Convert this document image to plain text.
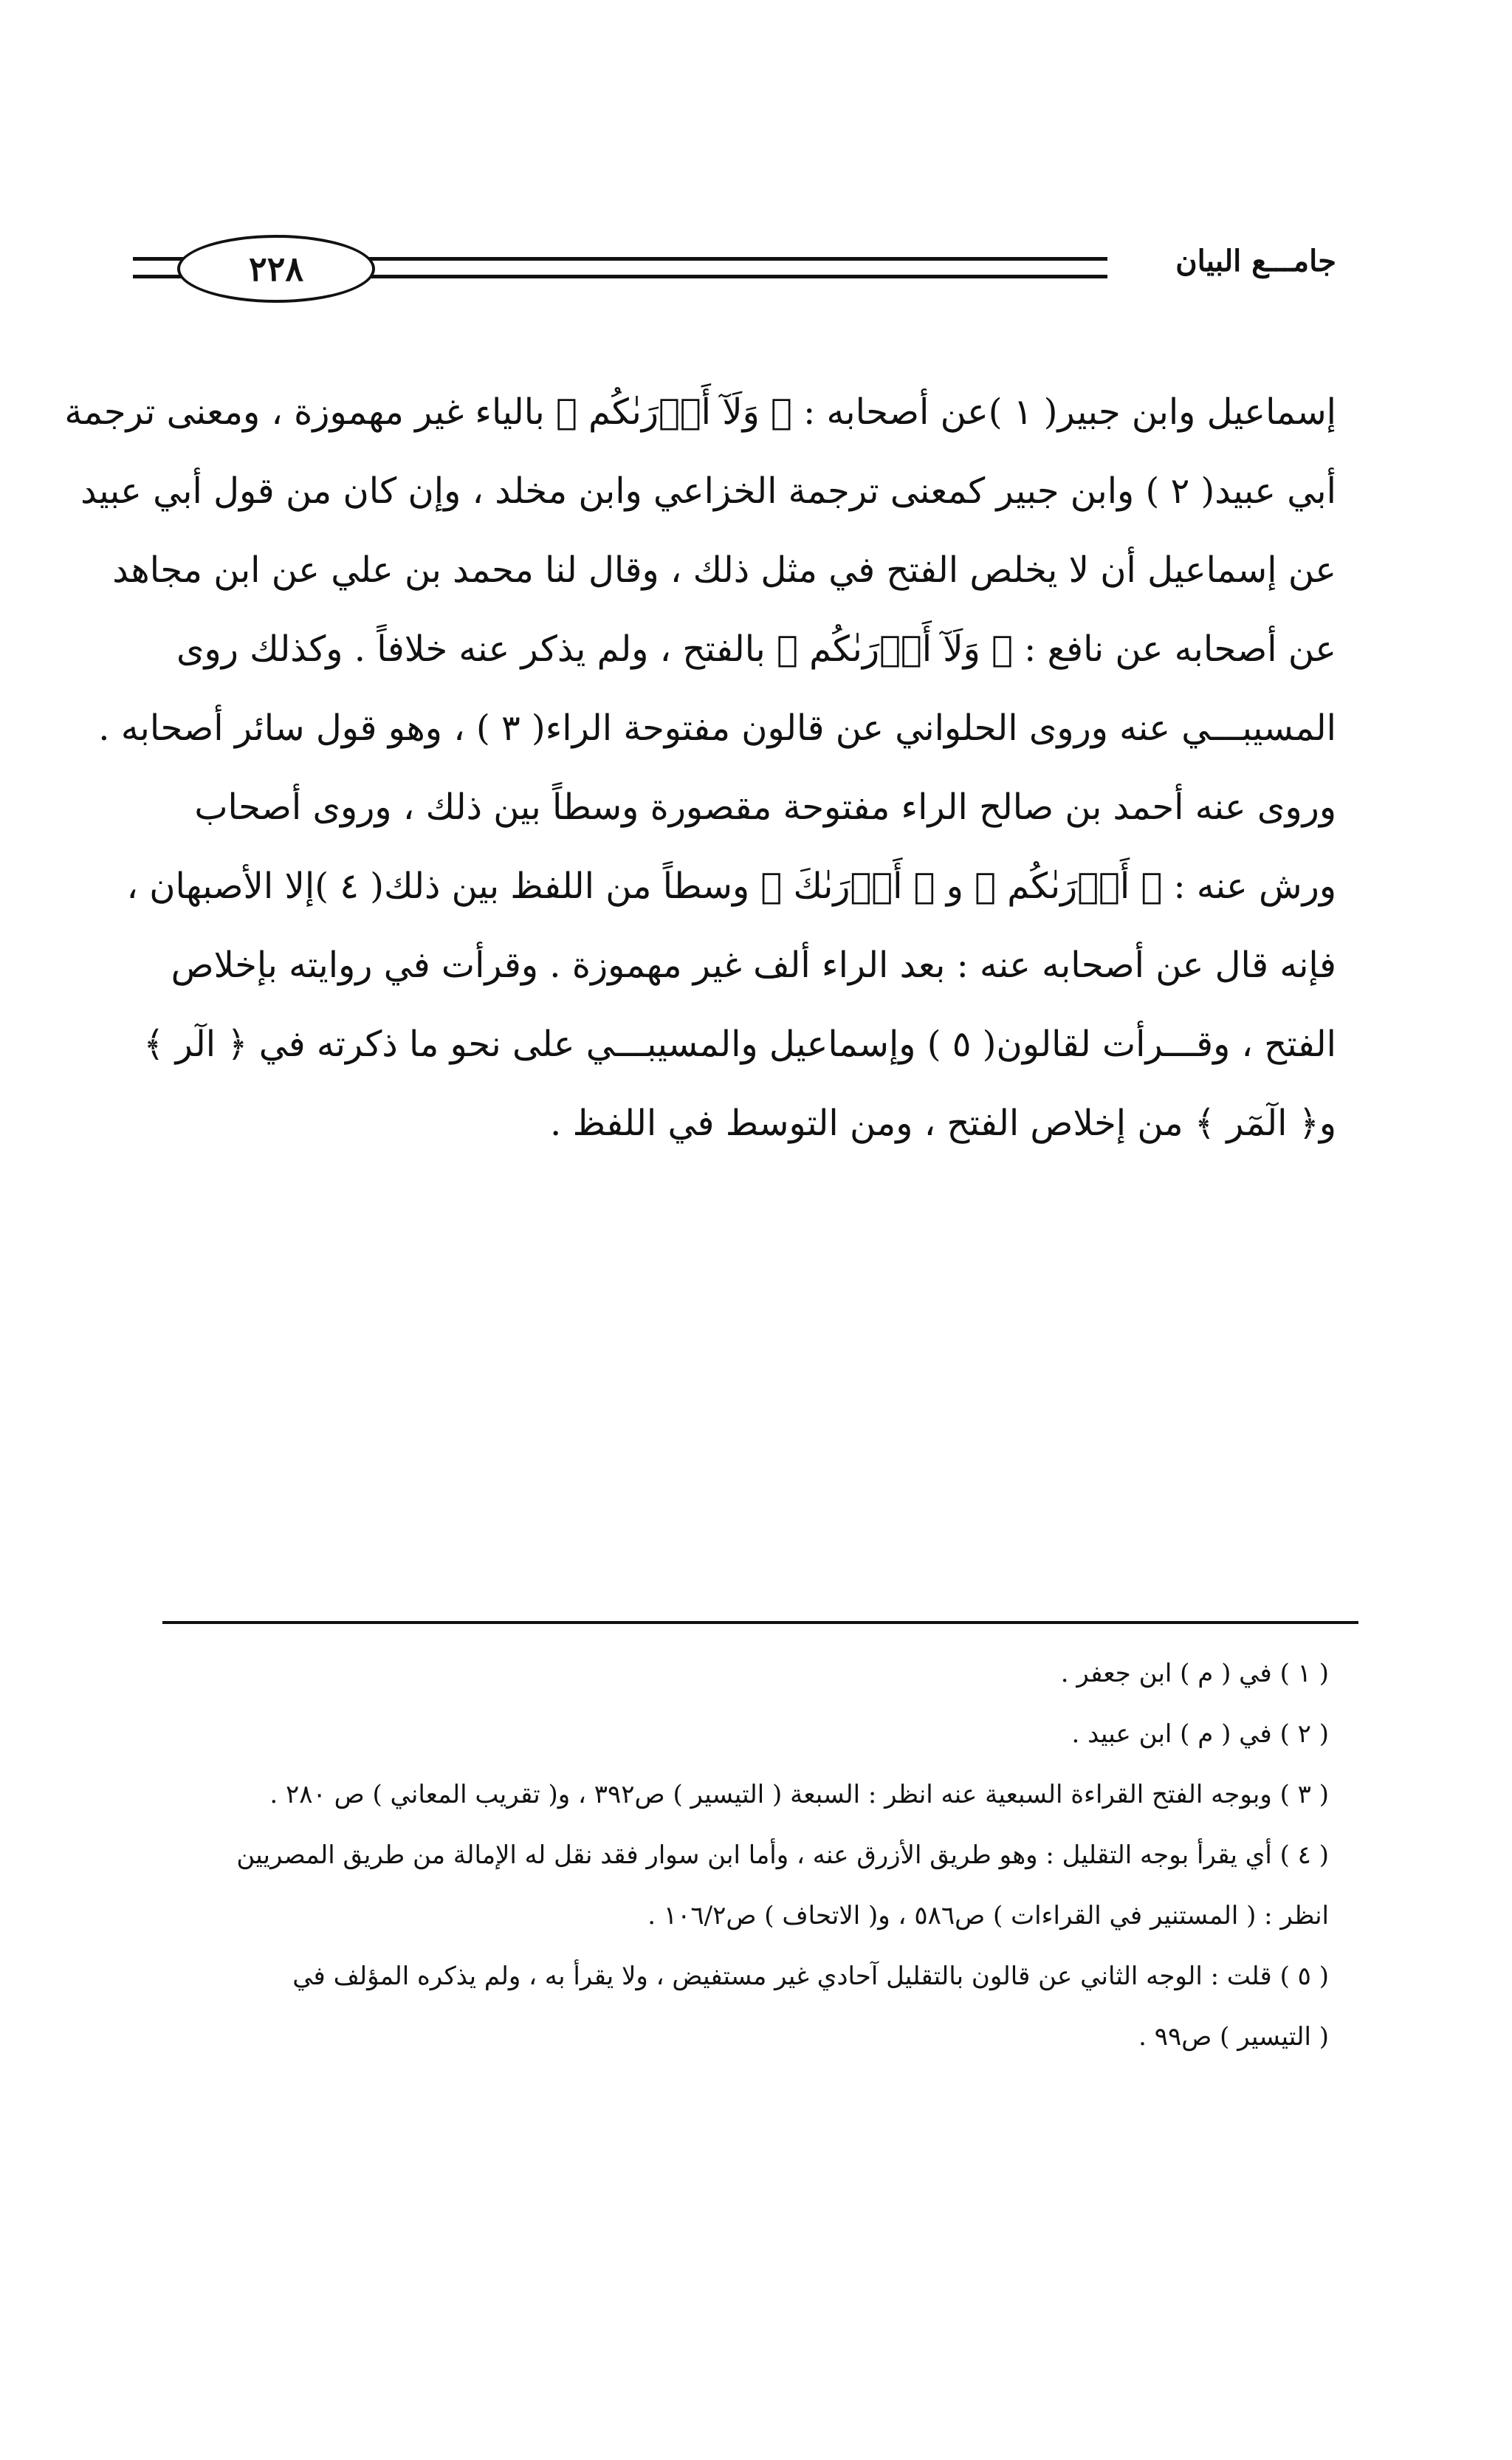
٢٢٨	جامـــع البيان
إسماعيل وابن جبير( ١ )عن أصحابه : ﴿ وَلَآ أَدۡرَىٰكُم ﴾ بالياء غير مهموزة ، ومعنى ترجمة
أبي عبيد( ٢ ) وابن جبير كمعنى ترجمة الخزاعي وابن مخلد ، وإن كان من قول أبي عبيد
عن إسماعيل أن لا يخلص الفتح في مثل ذلك ، وقال لنا محمد بن علي عن ابن مجاهد
عن أصحابه عن نافع : ﴿ وَلَآ أَدۡرَىٰكُم ﴾ بالفتح ، ولم يذكر عنه خلافاً . وكذلك روى
المسيبـــي عنه وروى الحلواني عن قالون مفتوحة الراء( ٣ ) ، وهو قول سائر أصحابه .
وروى عنه أحمد بن صالح الراء مفتوحة مقصورة وسطاً بين ذلك ، وروى أصحاب
ورش عنه : ﴿ أَدۡرَىٰكُم ﴾ و ﴿ أَدۡرَىٰكَ ﴾ وسطاً من اللفظ بين ذلك( ٤ )إلا الأصبهان ،
فإنه قال عن أصحابه عنه : بعد الراء ألف غير مهموزة . وقرأت في روايته بإخلاص
الفتح ، وقـــرأت لقالون( ٥ ) وإسماعيل والمسيبـــي على نحو ما ذكرته في ﴿ الٓر ﴾
و﴿ الٓمٓر ﴾ من إخلاص الفتح ، ومن التوسط في اللفظ .
( ١ ) في ( م ) ابن جعفر .
( ٢ ) في ( م ) ابن عبيد .
( ٣ ) وبوجه الفتح القراءة السبعية عنه انظر : السبعة ( التيسير ) ص٣٩٢ ، و( تقريب المعاني ) ص ٢٨٠ .
( ٤ ) أي يقرأ بوجه التقليل : وهو طريق الأزرق عنه ، وأما ابن سوار فقد نقل له الإمالة من طريق المصريين
انظر : ( المستنير في القراءات ) ص٥٨٦ ، و( الاتحاف ) ص١٠٦/٢ .
( ٥ ) قلت : الوجه الثاني عن قالون بالتقليل آحادي غير مستفيض ، ولا يقرأ به ، ولم يذكره المؤلف في
( التيسير ) ص٩٩ .
